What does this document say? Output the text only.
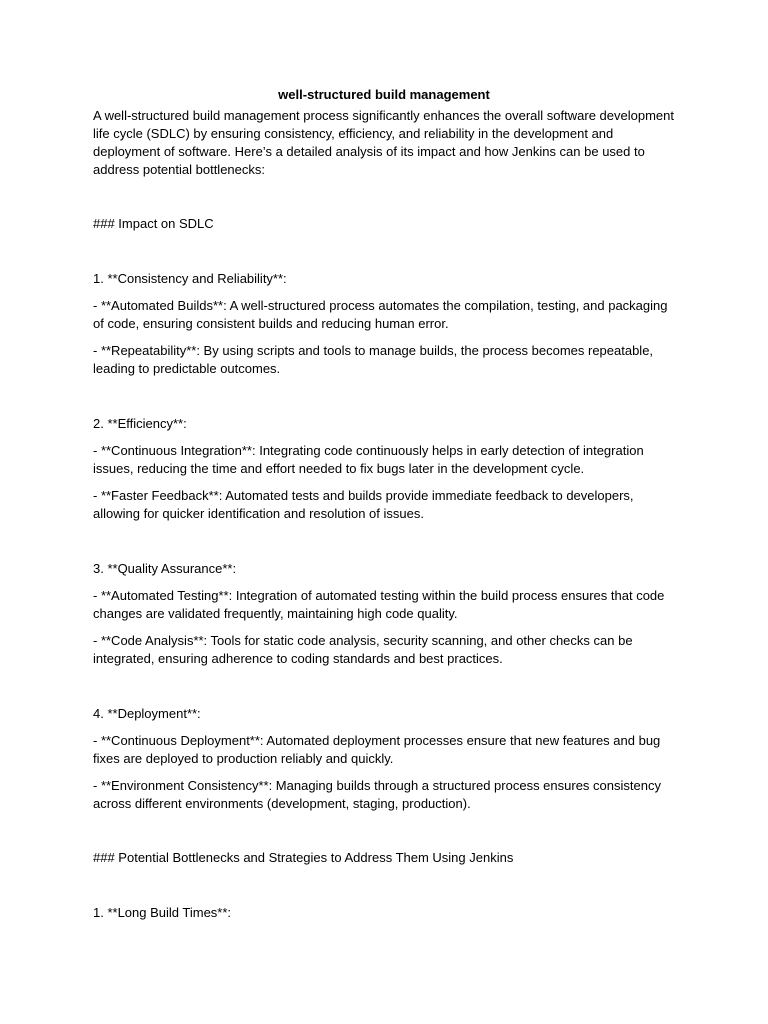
well-structured build management

A well-structured build management process significantly enhances the overall software development life cycle (SDLC) by ensuring consistency, efficiency, and reliability in the development and deployment of software. Here’s a detailed analysis of its impact and how Jenkins can be used to address potential bottlenecks:

### Impact on SDLC

1. **Consistency and Reliability**:

- **Automated Builds**: A well-structured process automates the compilation, testing, and packaging of code, ensuring consistent builds and reducing human error.

- **Repeatability**: By using scripts and tools to manage builds, the process becomes repeatable, leading to predictable outcomes.

2. **Efficiency**:

- **Continuous Integration**: Integrating code continuously helps in early detection of integration issues, reducing the time and effort needed to fix bugs later in the development cycle.

- **Faster Feedback**: Automated tests and builds provide immediate feedback to developers, allowing for quicker identification and resolution of issues.

3. **Quality Assurance**:

- **Automated Testing**: Integration of automated testing within the build process ensures that code changes are validated frequently, maintaining high code quality.

- **Code Analysis**: Tools for static code analysis, security scanning, and other checks can be integrated, ensuring adherence to coding standards and best practices.

4. **Deployment**:

- **Continuous Deployment**: Automated deployment processes ensure that new features and bug fixes are deployed to production reliably and quickly.

- **Environment Consistency**: Managing builds through a structured process ensures consistency across different environments (development, staging, production).

### Potential Bottlenecks and Strategies to Address Them Using Jenkins

1. **Long Build Times**:
